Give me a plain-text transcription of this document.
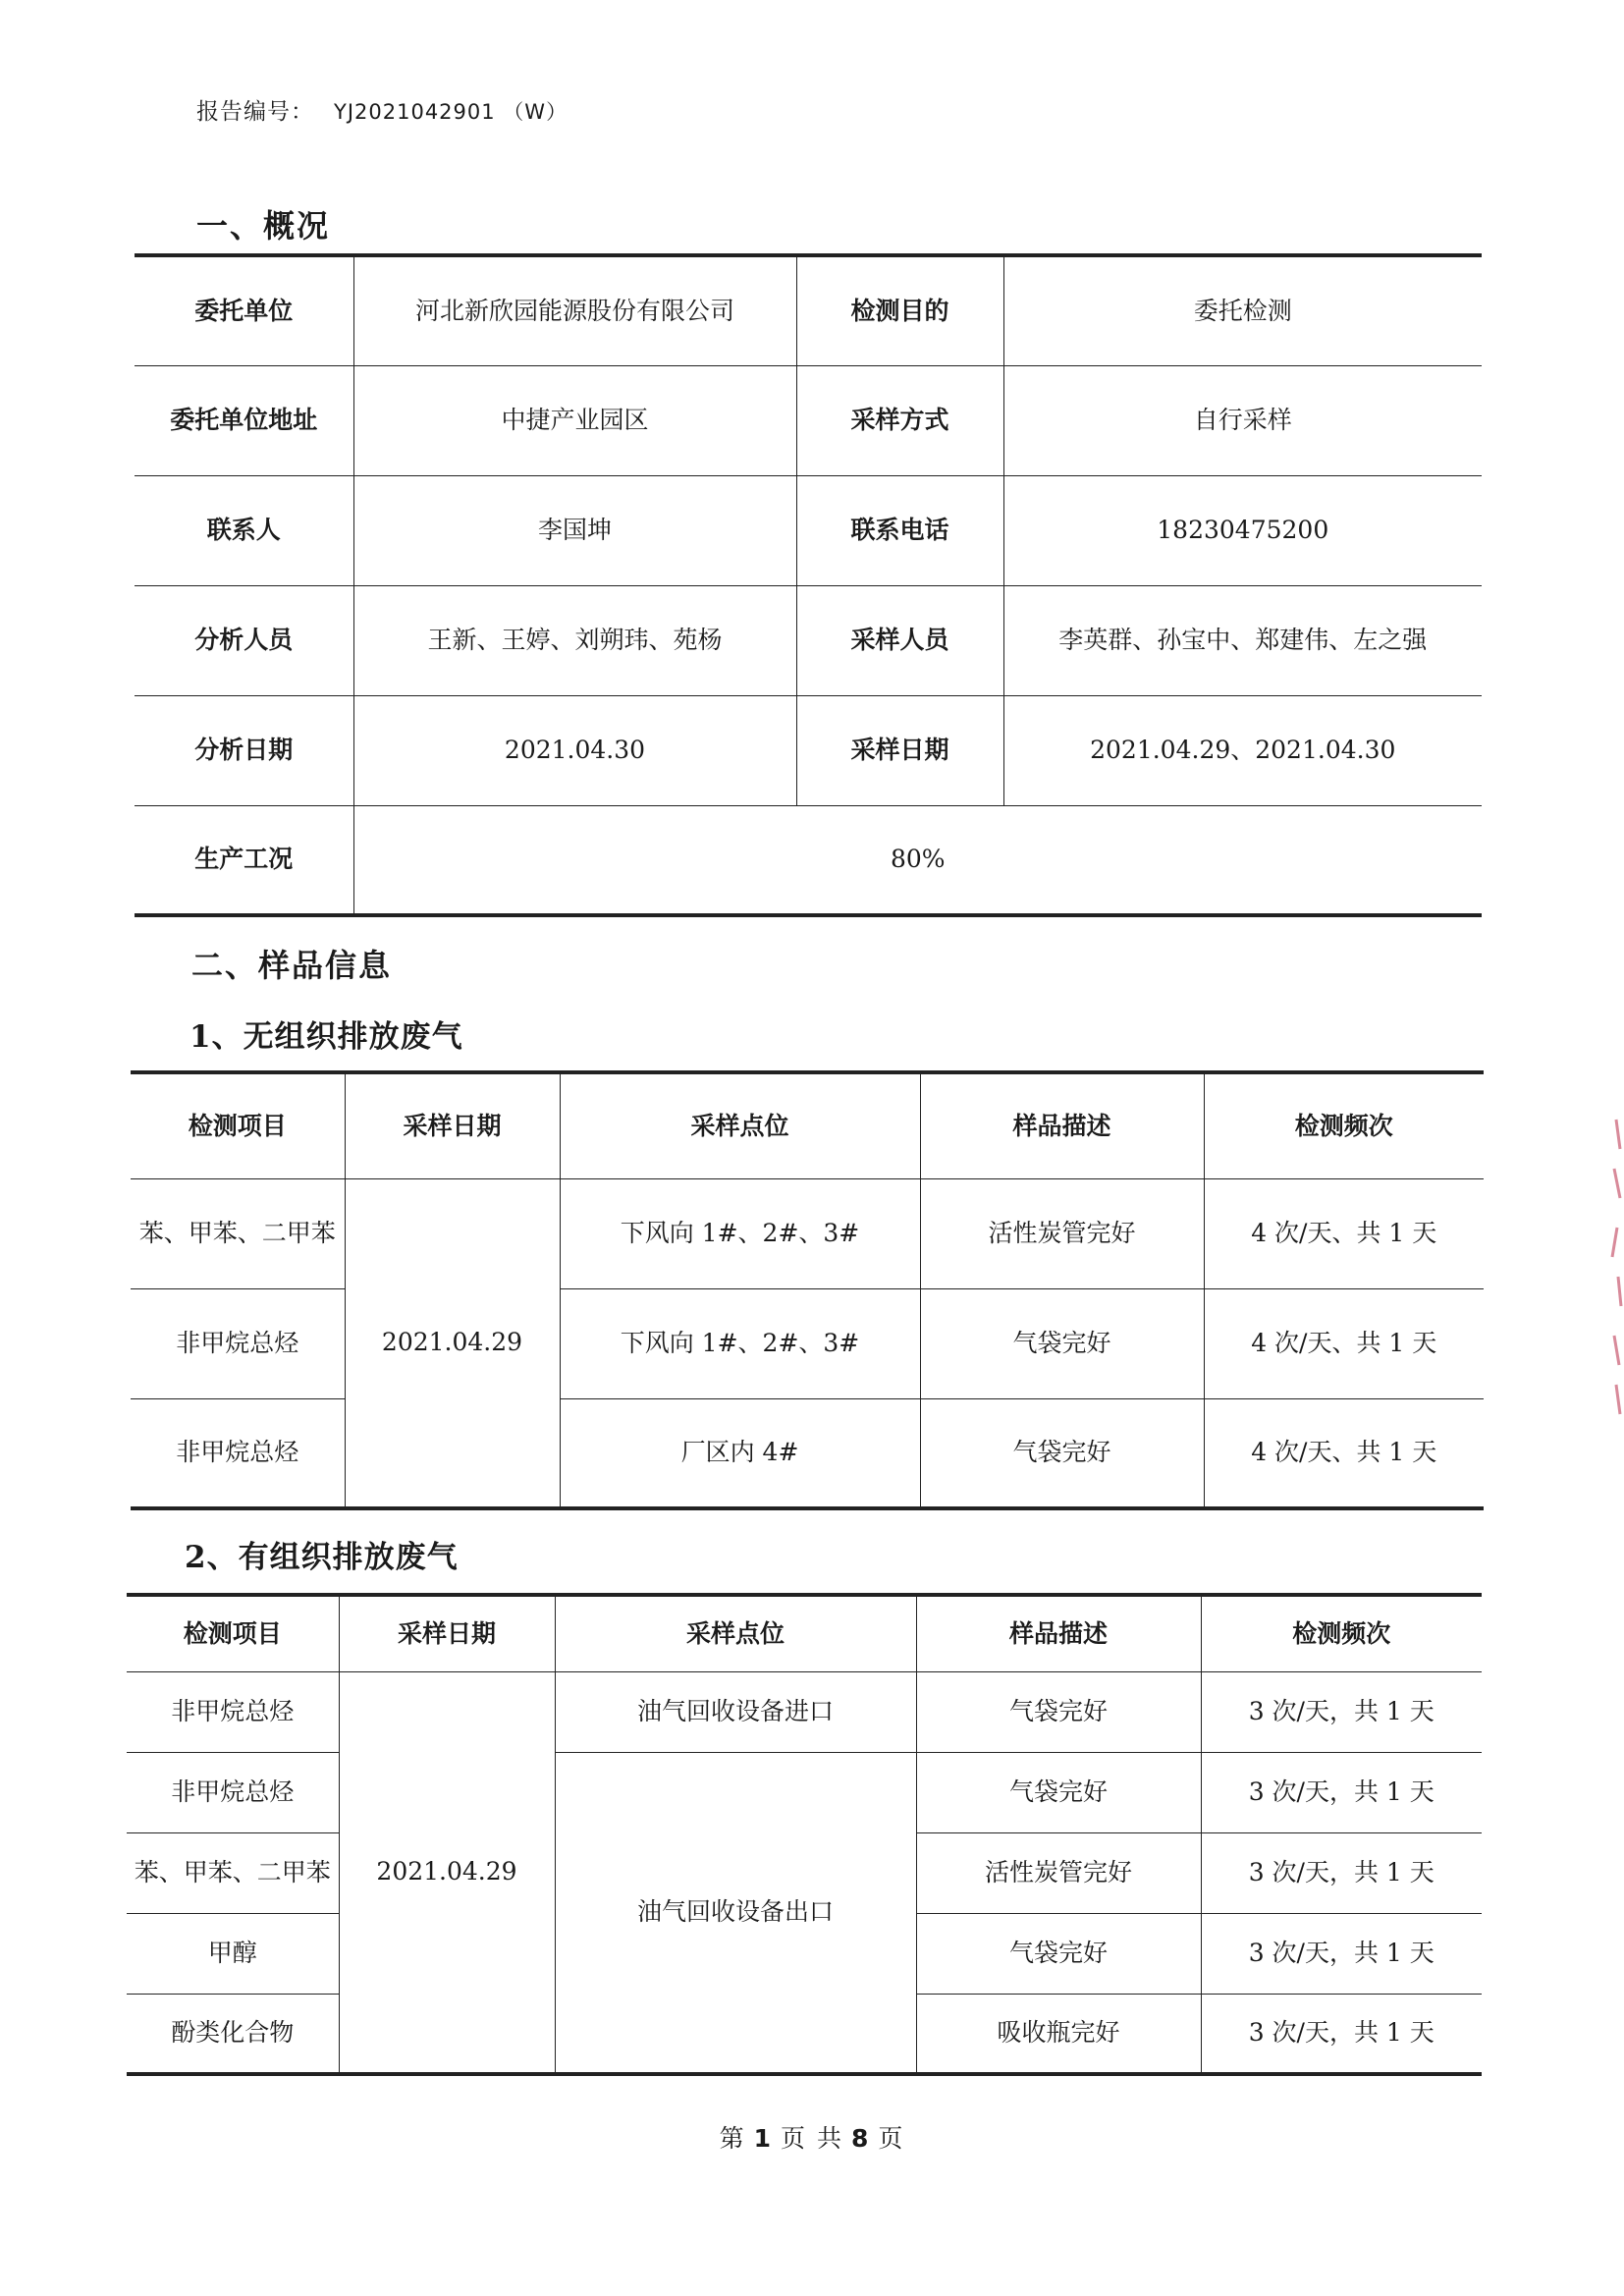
报告编号： YJ2021042901 （W）
一、概况
委托单位	河北新欣园能源股份有限公司	检测目的	委托检测
委托单位地址	中捷产业园区	采样方式	自行采样
联系人	李国坤	联系电话	18230475200
分析人员	王新、王婷、刘朔玮、苑杨	采样人员	李英群、孙宝中、郑建伟、左之强
分析日期	2021.04.30	采样日期	2021.04.29、2021.04.30
生产工况	80%		
二、样品信息
1、无组织排放废气
检测项目	采样日期	采样点位	样品描述	检测频次
苯、甲苯、二甲苯	2021.04.29	下风向 1#、2#、3#	活性炭管完好	4 次/天、共 1 天
非甲烷总烃		下风向 1#、2#、3#	气袋完好	4 次/天、共 1 天
非甲烷总烃		厂区内 4#	气袋完好	4 次/天、共 1 天
2、有组织排放废气
检测项目	采样日期	采样点位	样品描述	检测频次
非甲烷总烃	2021.04.29	油气回收设备进口	气袋完好	3 次/天，共 1 天
非甲烷总烃		油气回收设备出口	气袋完好	3 次/天，共 1 天
苯、甲苯、二甲苯			活性炭管完好	3 次/天，共 1 天
甲醇			气袋完好	3 次/天，共 1 天
酚类化合物			吸收瓶完好	3 次/天，共 1 天
第 1 页 共 8 页
